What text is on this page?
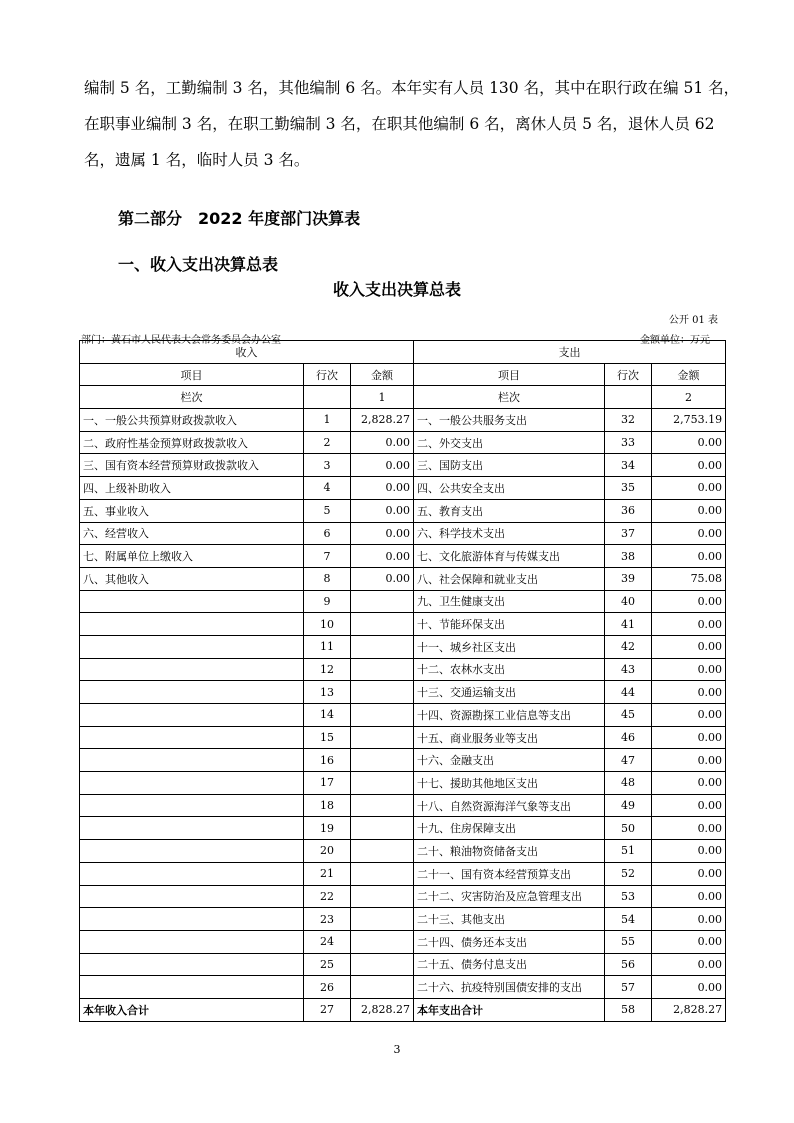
编制 5 名，工勤编制 3 名，其他编制 6 名。本年实有人员 130 名，其中在职行政在编 51 名，

在职事业编制 3 名，在职工勤编制 3 名，在职其他编制 6 名，离休人员 5 名，退休人员 62

名，遗属 1 名，临时人员 3 名。

第二部分　2022 年度部门决算表
一、收入支出决算总表
收入支出决算总表
公开 01 表
部门：黄石市人民代表大会常务委员会办公室	金额单位：万元
收入			支出		
项目	行次	金额	项目	行次	金额
栏次		1	栏次		2
一、一般公共预算财政拨款收入	1	2,828.27	一、一般公共服务支出	32	2,753.19
二、政府性基金预算财政拨款收入	2	0.00	二、外交支出	33	0.00
三、国有资本经营预算财政拨款收入	3	0.00	三、国防支出	34	0.00
四、上级补助收入	4	0.00	四、公共安全支出	35	0.00
五、事业收入	5	0.00	五、教育支出	36	0.00
六、经营收入	6	0.00	六、科学技术支出	37	0.00
七、附属单位上缴收入	7	0.00	七、文化旅游体育与传媒支出	38	0.00
八、其他收入	8	0.00	八、社会保障和就业支出	39	75.08
	9		九、卫生健康支出	40	0.00
	10		十、节能环保支出	41	0.00
	11		十一、城乡社区支出	42	0.00
	12		十二、农林水支出	43	0.00
	13		十三、交通运输支出	44	0.00
	14		十四、资源勘探工业信息等支出	45	0.00
	15		十五、商业服务业等支出	46	0.00
	16		十六、金融支出	47	0.00
	17		十七、援助其他地区支出	48	0.00
	18		十八、自然资源海洋气象等支出	49	0.00
	19		十九、住房保障支出	50	0.00
	20		二十、粮油物资储备支出	51	0.00
	21		二十一、国有资本经营预算支出	52	0.00
	22		二十二、灾害防治及应急管理支出	53	0.00
	23		二十三、其他支出	54	0.00
	24		二十四、债务还本支出	55	0.00
	25		二十五、债务付息支出	56	0.00
	26		二十六、抗疫特别国债安排的支出	57	0.00
本年收入合计	27	2,828.27	本年支出合计	58	2,828.27
3
